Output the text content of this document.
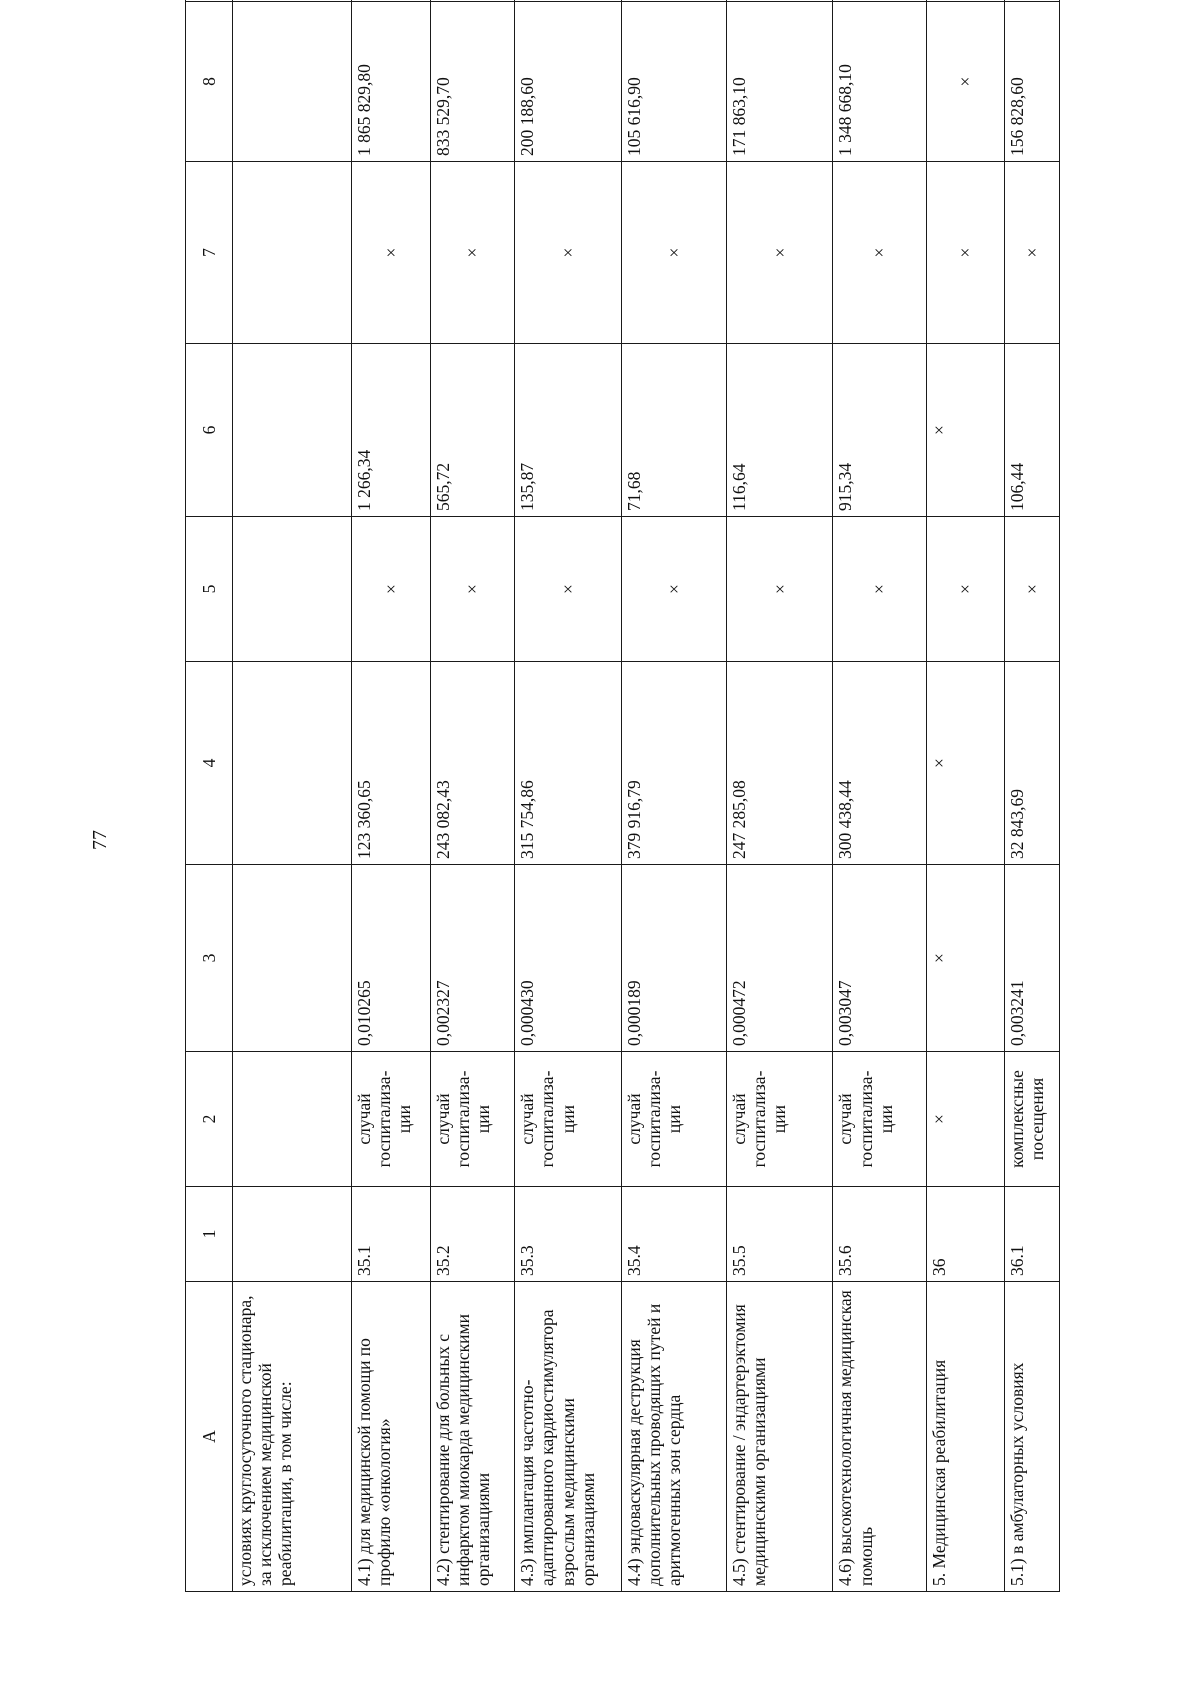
77
A	1	2	3	4	5	6	7	8	
условиях круглосуточного стационара, за исключением медицинской реабилитации, в том числе:									
4.1) для медицинской помощи по профилю «онкология»	35.1	случай госпитализа-ции	0,010265	123 360,65	×	1 266,34	×	1 865 829,80	
4.2) стентирование для больных с инфарктом миокарда медицинскими организациями	35.2	случай госпитализа-ции	0,002327	243 082,43	×	565,72	×	833 529,70	
4.3) имплантация частотно-адаптированного кардиостимулятора взрослым медицинскими организациями	35.3	случай госпитализа-ции	0,000430	315 754,86	×	135,87	×	200 188,60	
4.4) эндоваскулярная деструкция дополнительных проводящих путей и аритмогенных зон сердца	35.4	случай госпитализа-ции	0,000189	379 916,79	×	71,68	×	105 616,90	
4.5) стентирование / эндартерэктомия медицинскими организациями	35.5	случай госпитализа-ции	0,000472	247 285,08	×	116,64	×	171 863,10	
4.6) высокотехнологичная медицинская помощь	35.6	случай госпитализа-ции	0,003047	300 438,44	×	915,34	×	1 348 668,10	
5. Медицинская реабилитация	36	×	×	×	×	×	×	×	
5.1) в амбулаторных условиях	36.1	комплексные посещения	0,003241	32 843,69	×	106,44	×	156 828,60	
